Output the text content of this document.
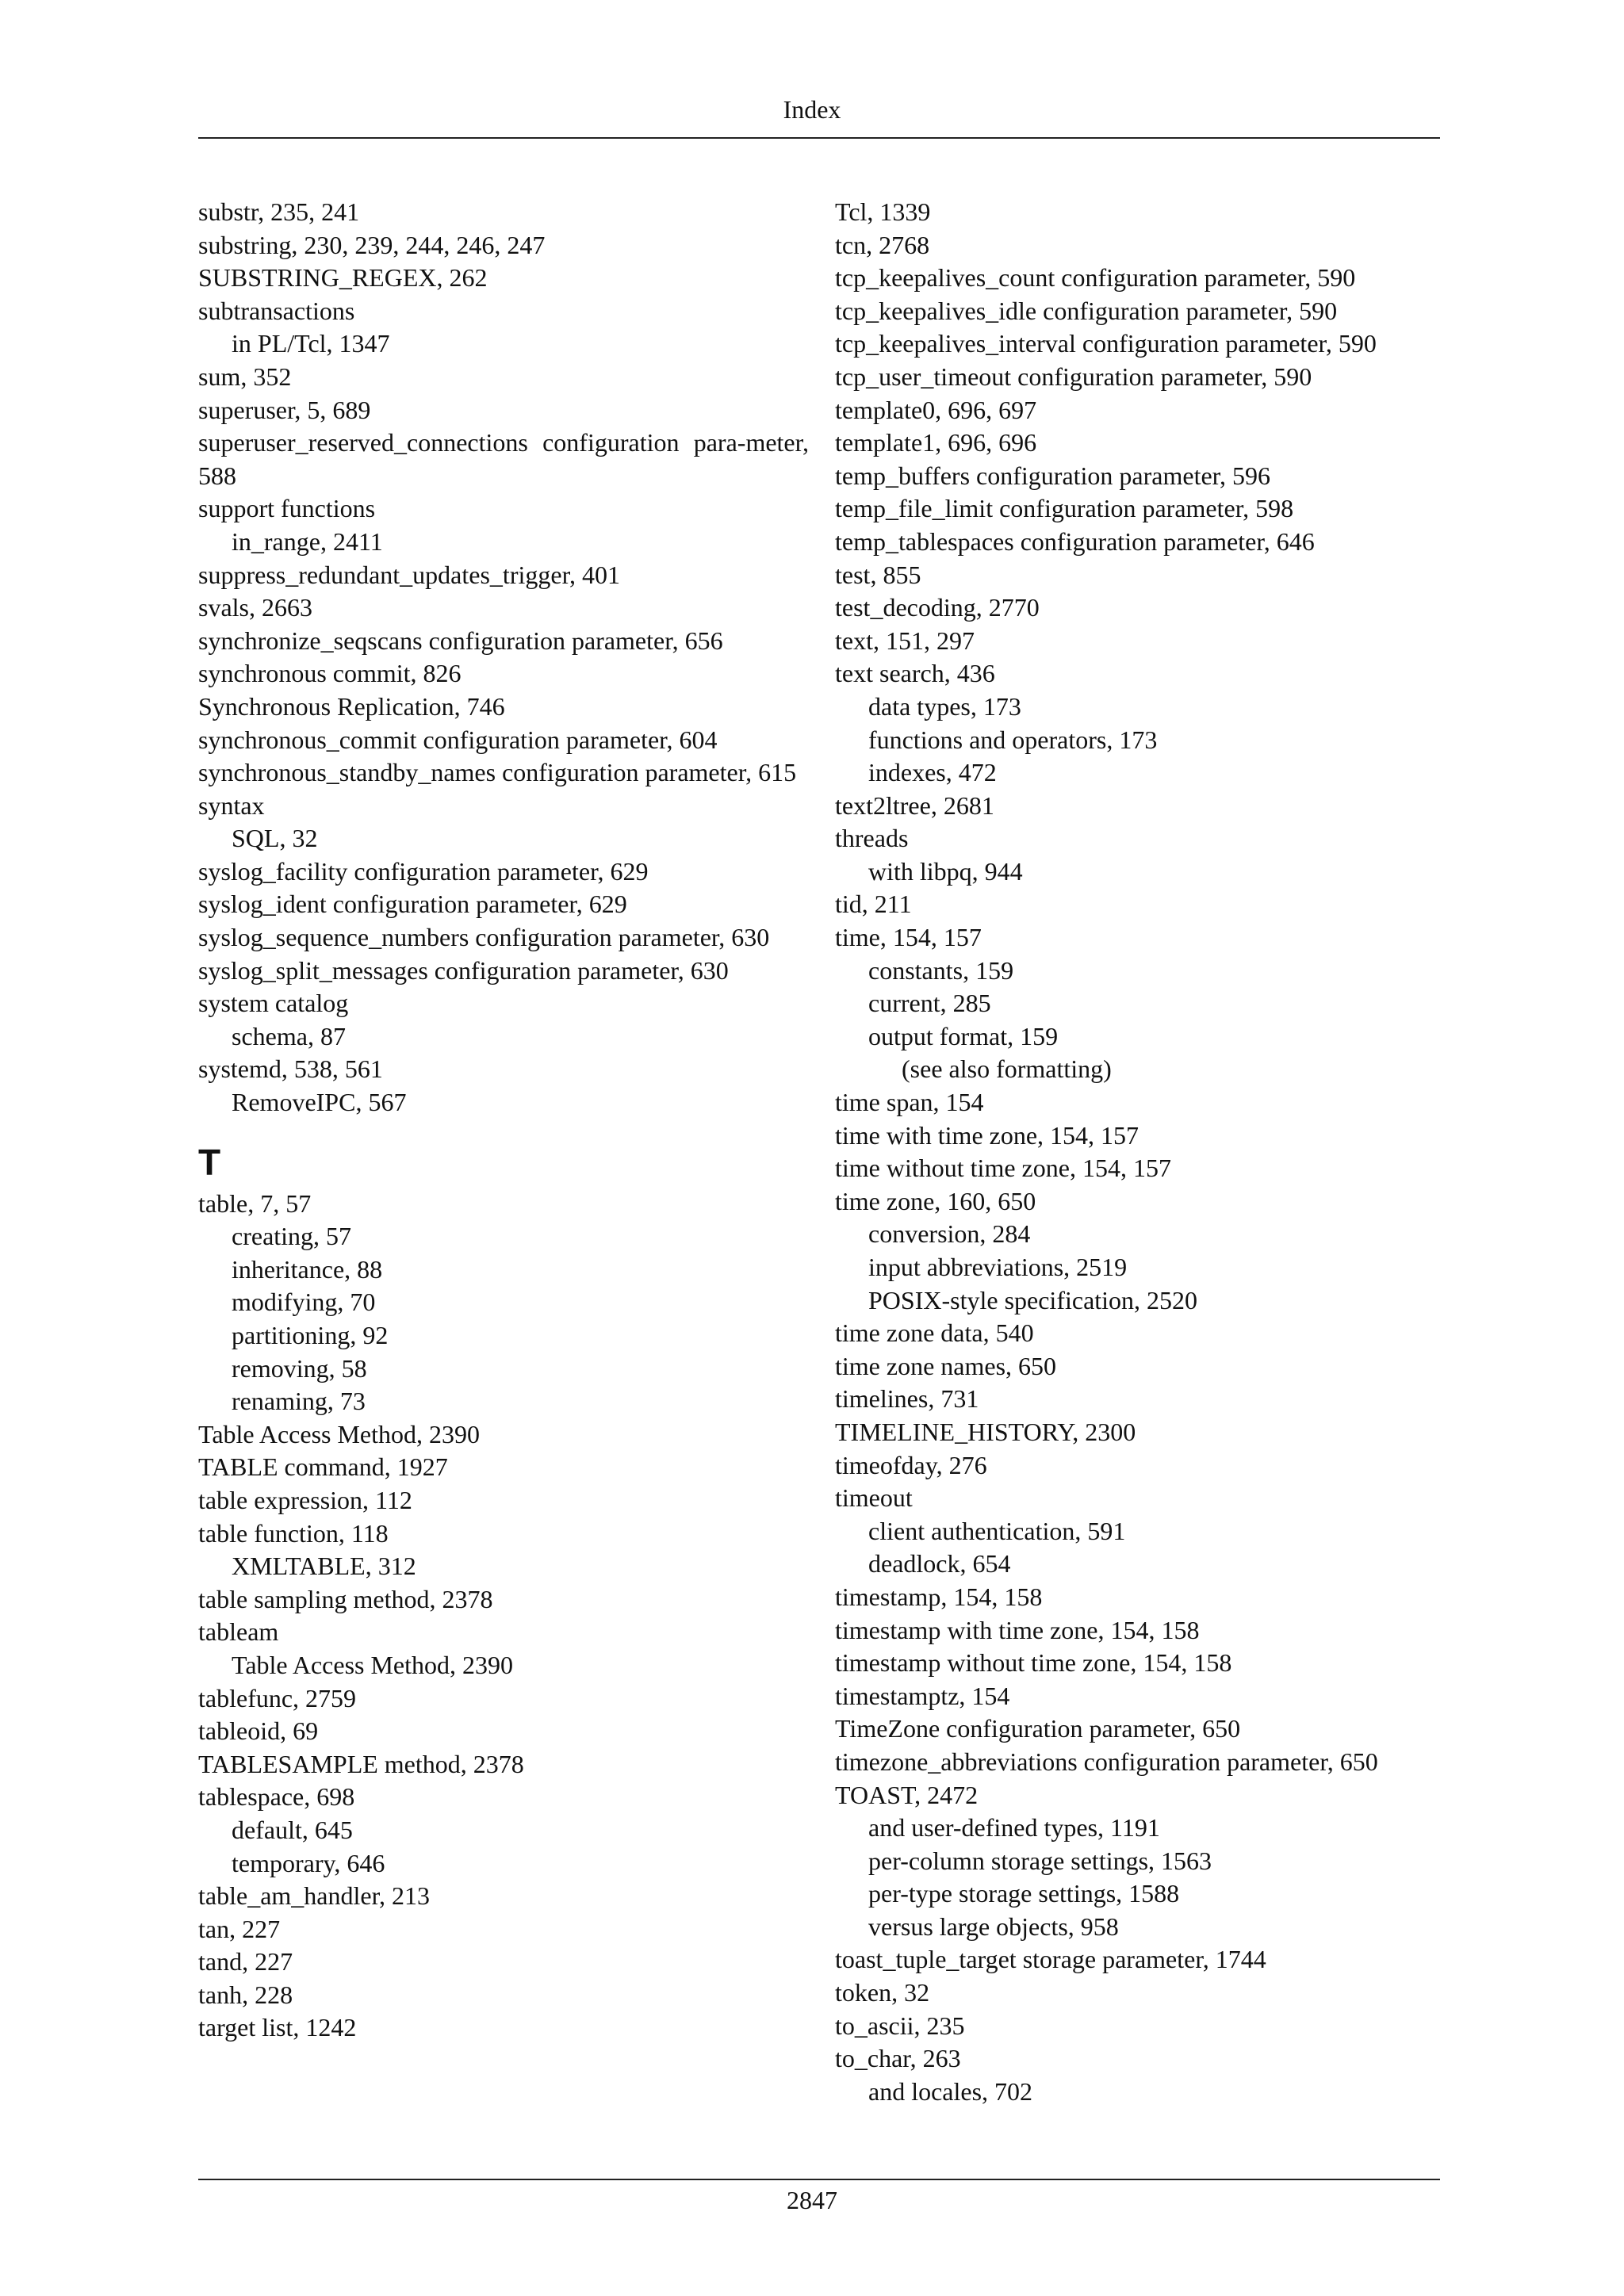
Index
substr, 235, 241
substring, 230, 239, 244, 246, 247
SUBSTRING_REGEX, 262
subtransactions
in PL/Tcl, 1347
sum, 352
superuser, 5, 689
superuser_reserved_connections configuration para-meter, 588
support functions
in_range, 2411
suppress_redundant_updates_trigger, 401
svals, 2663
synchronize_seqscans configuration parameter, 656
synchronous commit, 826
Synchronous Replication, 746
synchronous_commit configuration parameter, 604
synchronous_standby_names configuration parameter, 615
syntax
SQL, 32
syslog_facility configuration parameter, 629
syslog_ident configuration parameter, 629
syslog_sequence_numbers configuration parameter, 630
syslog_split_messages configuration parameter, 630
system catalog
schema, 87
systemd, 538, 561
RemoveIPC, 567
T
table, 7, 57
creating, 57
inheritance, 88
modifying, 70
partitioning, 92
removing, 58
renaming, 73
Table Access Method, 2390
TABLE command, 1927
table expression, 112
table function, 118
XMLTABLE, 312
table sampling method, 2378
tableam
Table Access Method, 2390
tablefunc, 2759
tableoid, 69
TABLESAMPLE method, 2378
tablespace, 698
default, 645
temporary, 646
table_am_handler, 213
tan, 227
tand, 227
tanh, 228
target list, 1242
Tcl, 1339
tcn, 2768
tcp_keepalives_count configuration parameter, 590
tcp_keepalives_idle configuration parameter, 590
tcp_keepalives_interval configuration parameter, 590
tcp_user_timeout configuration parameter, 590
template0, 696, 697
template1, 696, 696
temp_buffers configuration parameter, 596
temp_file_limit configuration parameter, 598
temp_tablespaces configuration parameter, 646
test, 855
test_decoding, 2770
text, 151, 297
text search, 436
data types, 173
functions and operators, 173
indexes, 472
text2ltree, 2681
threads
with libpq, 944
tid, 211
time, 154, 157
constants, 159
current, 285
output format, 159
(see also formatting)
time span, 154
time with time zone, 154, 157
time without time zone, 154, 157
time zone, 160, 650
conversion, 284
input abbreviations, 2519
POSIX-style specification, 2520
time zone data, 540
time zone names, 650
timelines, 731
TIMELINE_HISTORY, 2300
timeofday, 276
timeout
client authentication, 591
deadlock, 654
timestamp, 154, 158
timestamp with time zone, 154, 158
timestamp without time zone, 154, 158
timestamptz, 154
TimeZone configuration parameter, 650
timezone_abbreviations configuration parameter, 650
TOAST, 2472
and user-defined types, 1191
per-column storage settings, 1563
per-type storage settings, 1588
versus large objects, 958
toast_tuple_target storage parameter, 1744
token, 32
to_ascii, 235
to_char, 263
and locales, 702
2847
